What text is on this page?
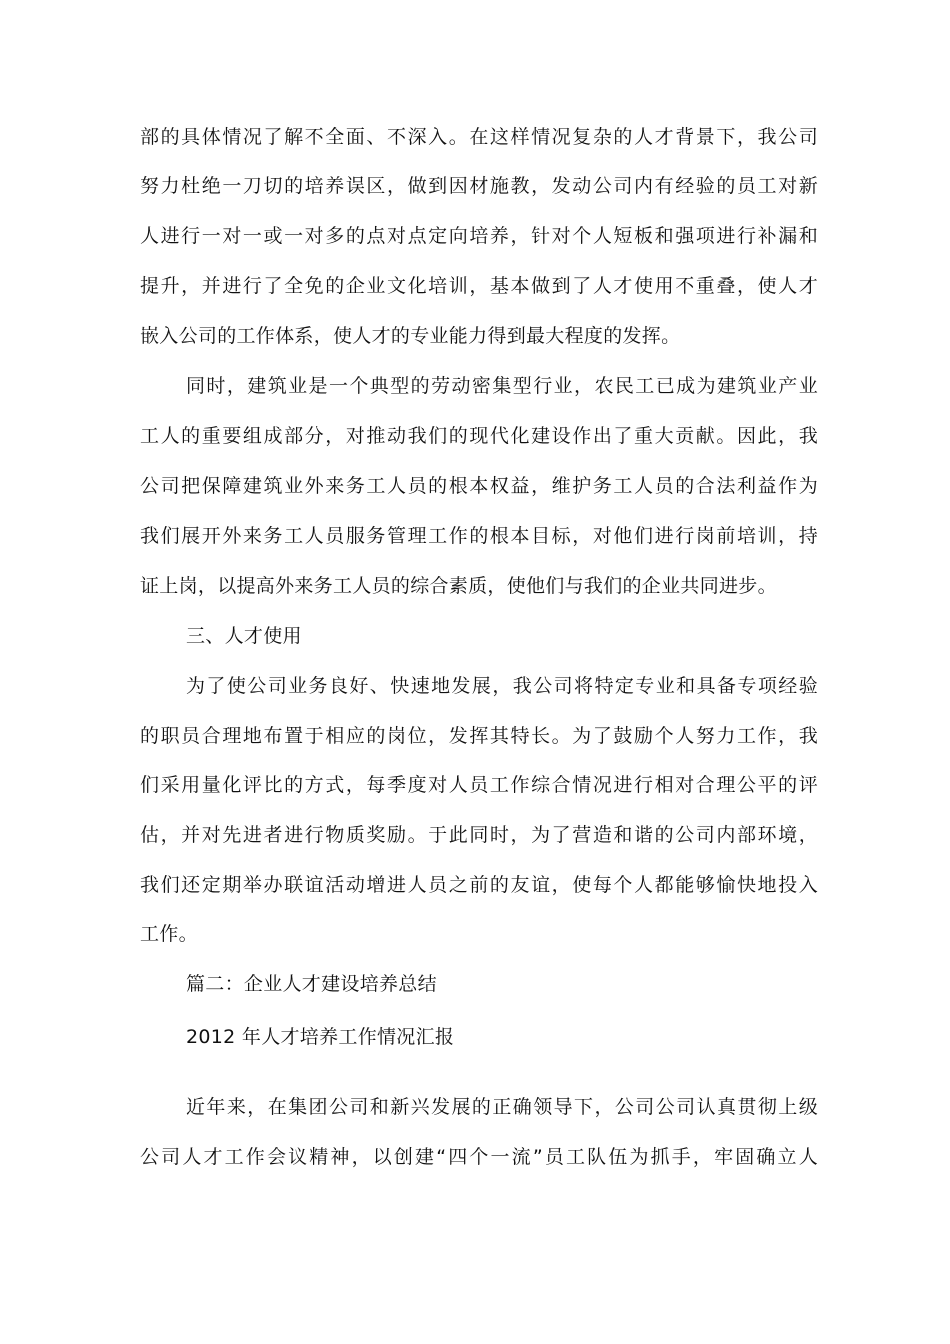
部的具体情况了解不全面、不深入。在这样情况复杂的人才背景下，我公司
努力杜绝一刀切的培养误区，做到因材施教，发动公司内有经验的员工对新
人进行一对一或一对多的点对点定向培养，针对个人短板和强项进行补漏和
提升，并进行了全免的企业文化培训，基本做到了人才使用不重叠，使人才
嵌入公司的工作体系，使人才的专业能力得到最大程度的发挥。
同时，建筑业是一个典型的劳动密集型行业，农民工已成为建筑业产业
工人的重要组成部分，对推动我们的现代化建设作出了重大贡献。因此，我
公司把保障建筑业外来务工人员的根本权益，维护务工人员的合法利益作为
我们展开外来务工人员服务管理工作的根本目标，对他们进行岗前培训，持
证上岗，以提高外来务工人员的综合素质，使他们与我们的企业共同进步。
三、人才使用
为了使公司业务良好、快速地发展，我公司将特定专业和具备专项经验
的职员合理地布置于相应的岗位，发挥其特长。为了鼓励个人努力工作，我
们采用量化评比的方式，每季度对人员工作综合情况进行相对合理公平的评
估，并对先进者进行物质奖励。于此同时，为了营造和谐的公司内部环境，
我们还定期举办联谊活动增进人员之前的友谊，使每个人都能够愉快地投入
工作。
篇二：企业人才建设培养总结
2012 年人才培养工作情况汇报
近年来，在集团公司和新兴发展的正确领导下，公司公司认真贯彻上级
公司人才工作会议精神，以创建“四个一流”员工队伍为抓手，牢固确立人
